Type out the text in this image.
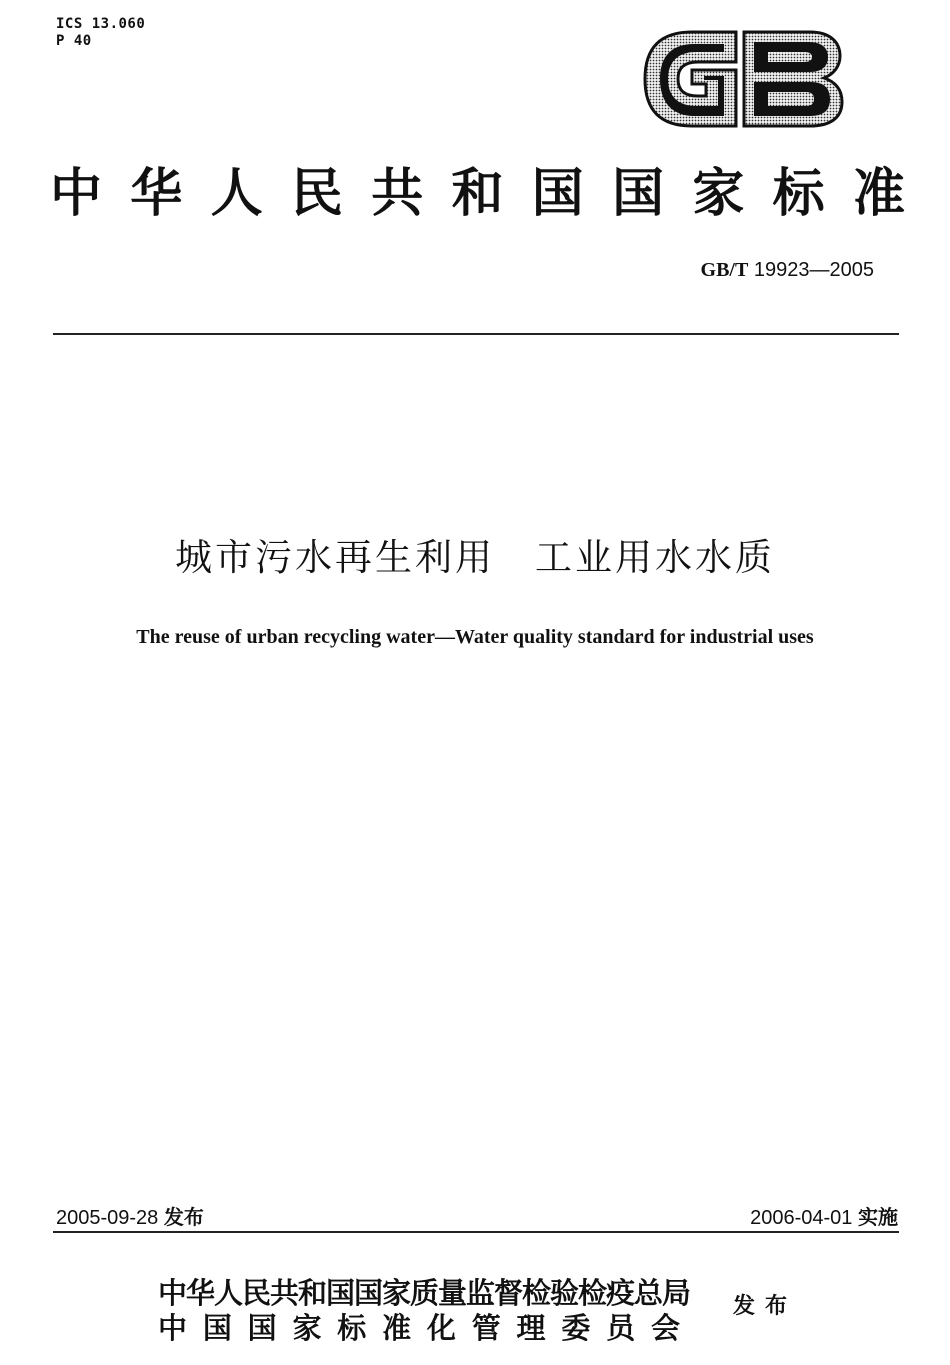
ICS 13.060
P 40
中 华 人 民 共 和 国 国 家 标 准
GB/T 19923—2005
城市污水再生利用　工业用水水质
The reuse of urban recycling water—Water quality standard for industrial uses
2005-09-28 发布	2006-04-01 实施
中华人民共和国国家质量监督检验检疫总局
中 国 国 家 标 准 化 管 理 委 员 会
发布
